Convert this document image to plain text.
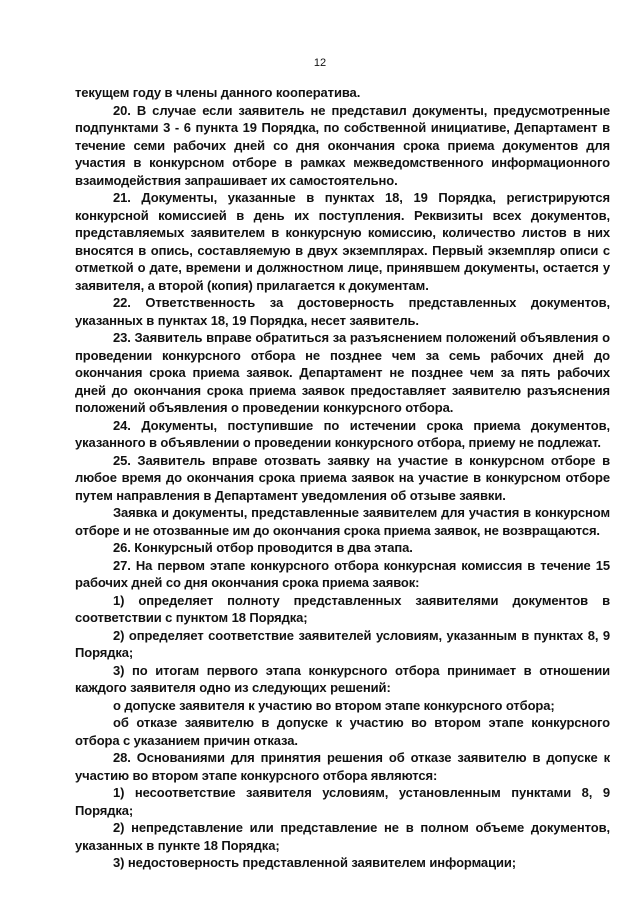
12

текущем году в члены данного кооператива.

20. В случае если заявитель не представил документы, предусмотренные подпунктами 3 - 6 пункта 19 Порядка, по собственной инициативе, Департамент в течение семи рабочих дней со дня окончания срока приема документов для участия в конкурсном отборе в рамках межведомственного информационного взаимодействия запрашивает их самостоятельно.

21. Документы, указанные в пунктах 18, 19 Порядка, регистрируются конкурсной комиссией в день их поступления. Реквизиты всех документов, представляемых заявителем в конкурсную комиссию, количество листов в них вносятся в опись, составляемую в двух экземплярах. Первый экземпляр описи с отметкой о дате, времени и должностном лице, принявшем документы, остается у заявителя, а второй (копия) прилагается к документам.

22. Ответственность за достоверность представленных документов, указанных в пунктах 18, 19 Порядка, несет заявитель.

23. Заявитель вправе обратиться за разъяснением положений объявления о проведении конкурсного отбора не позднее чем за семь рабочих дней до окончания срока приема заявок. Департамент не позднее чем за пять рабочих дней до окончания срока приема заявок предоставляет заявителю разъяснения положений объявления о проведении конкурсного отбора.

24. Документы, поступившие по истечении срока приема документов, указанного в объявлении о проведении конкурсного отбора, приему не подлежат.

25. Заявитель вправе отозвать заявку на участие в конкурсном отборе в любое время до окончания срока приема заявок на участие в конкурсном отборе путем направления в Департамент уведомления об отзыве заявки.

Заявка и документы, представленные заявителем для участия в конкурсном отборе и не отозванные им до окончания срока приема заявок, не возвращаются.

26. Конкурсный отбор проводится в два этапа.

27. На первом этапе конкурсного отбора конкурсная комиссия в течение 15 рабочих дней со дня окончания срока приема заявок:

1) определяет полноту представленных заявителями документов в соответствии с пунктом 18 Порядка;

2) определяет соответствие заявителей условиям, указанным в пунктах 8, 9 Порядка;

3) по итогам первого этапа конкурсного отбора принимает в отношении каждого заявителя одно из следующих решений:

о допуске заявителя к участию во втором этапе конкурсного отбора;

об отказе заявителю в допуске к участию во втором этапе конкурсного отбора с указанием причин отказа.

28. Основаниями для принятия решения об отказе заявителю в допуске к участию во втором этапе конкурсного отбора являются:

1) несоответствие заявителя условиям, установленным пунктами 8, 9 Порядка;

2) непредставление или представление не в полном объеме документов, указанных в пункте 18 Порядка;

3) недостоверность представленной заявителем информации;
